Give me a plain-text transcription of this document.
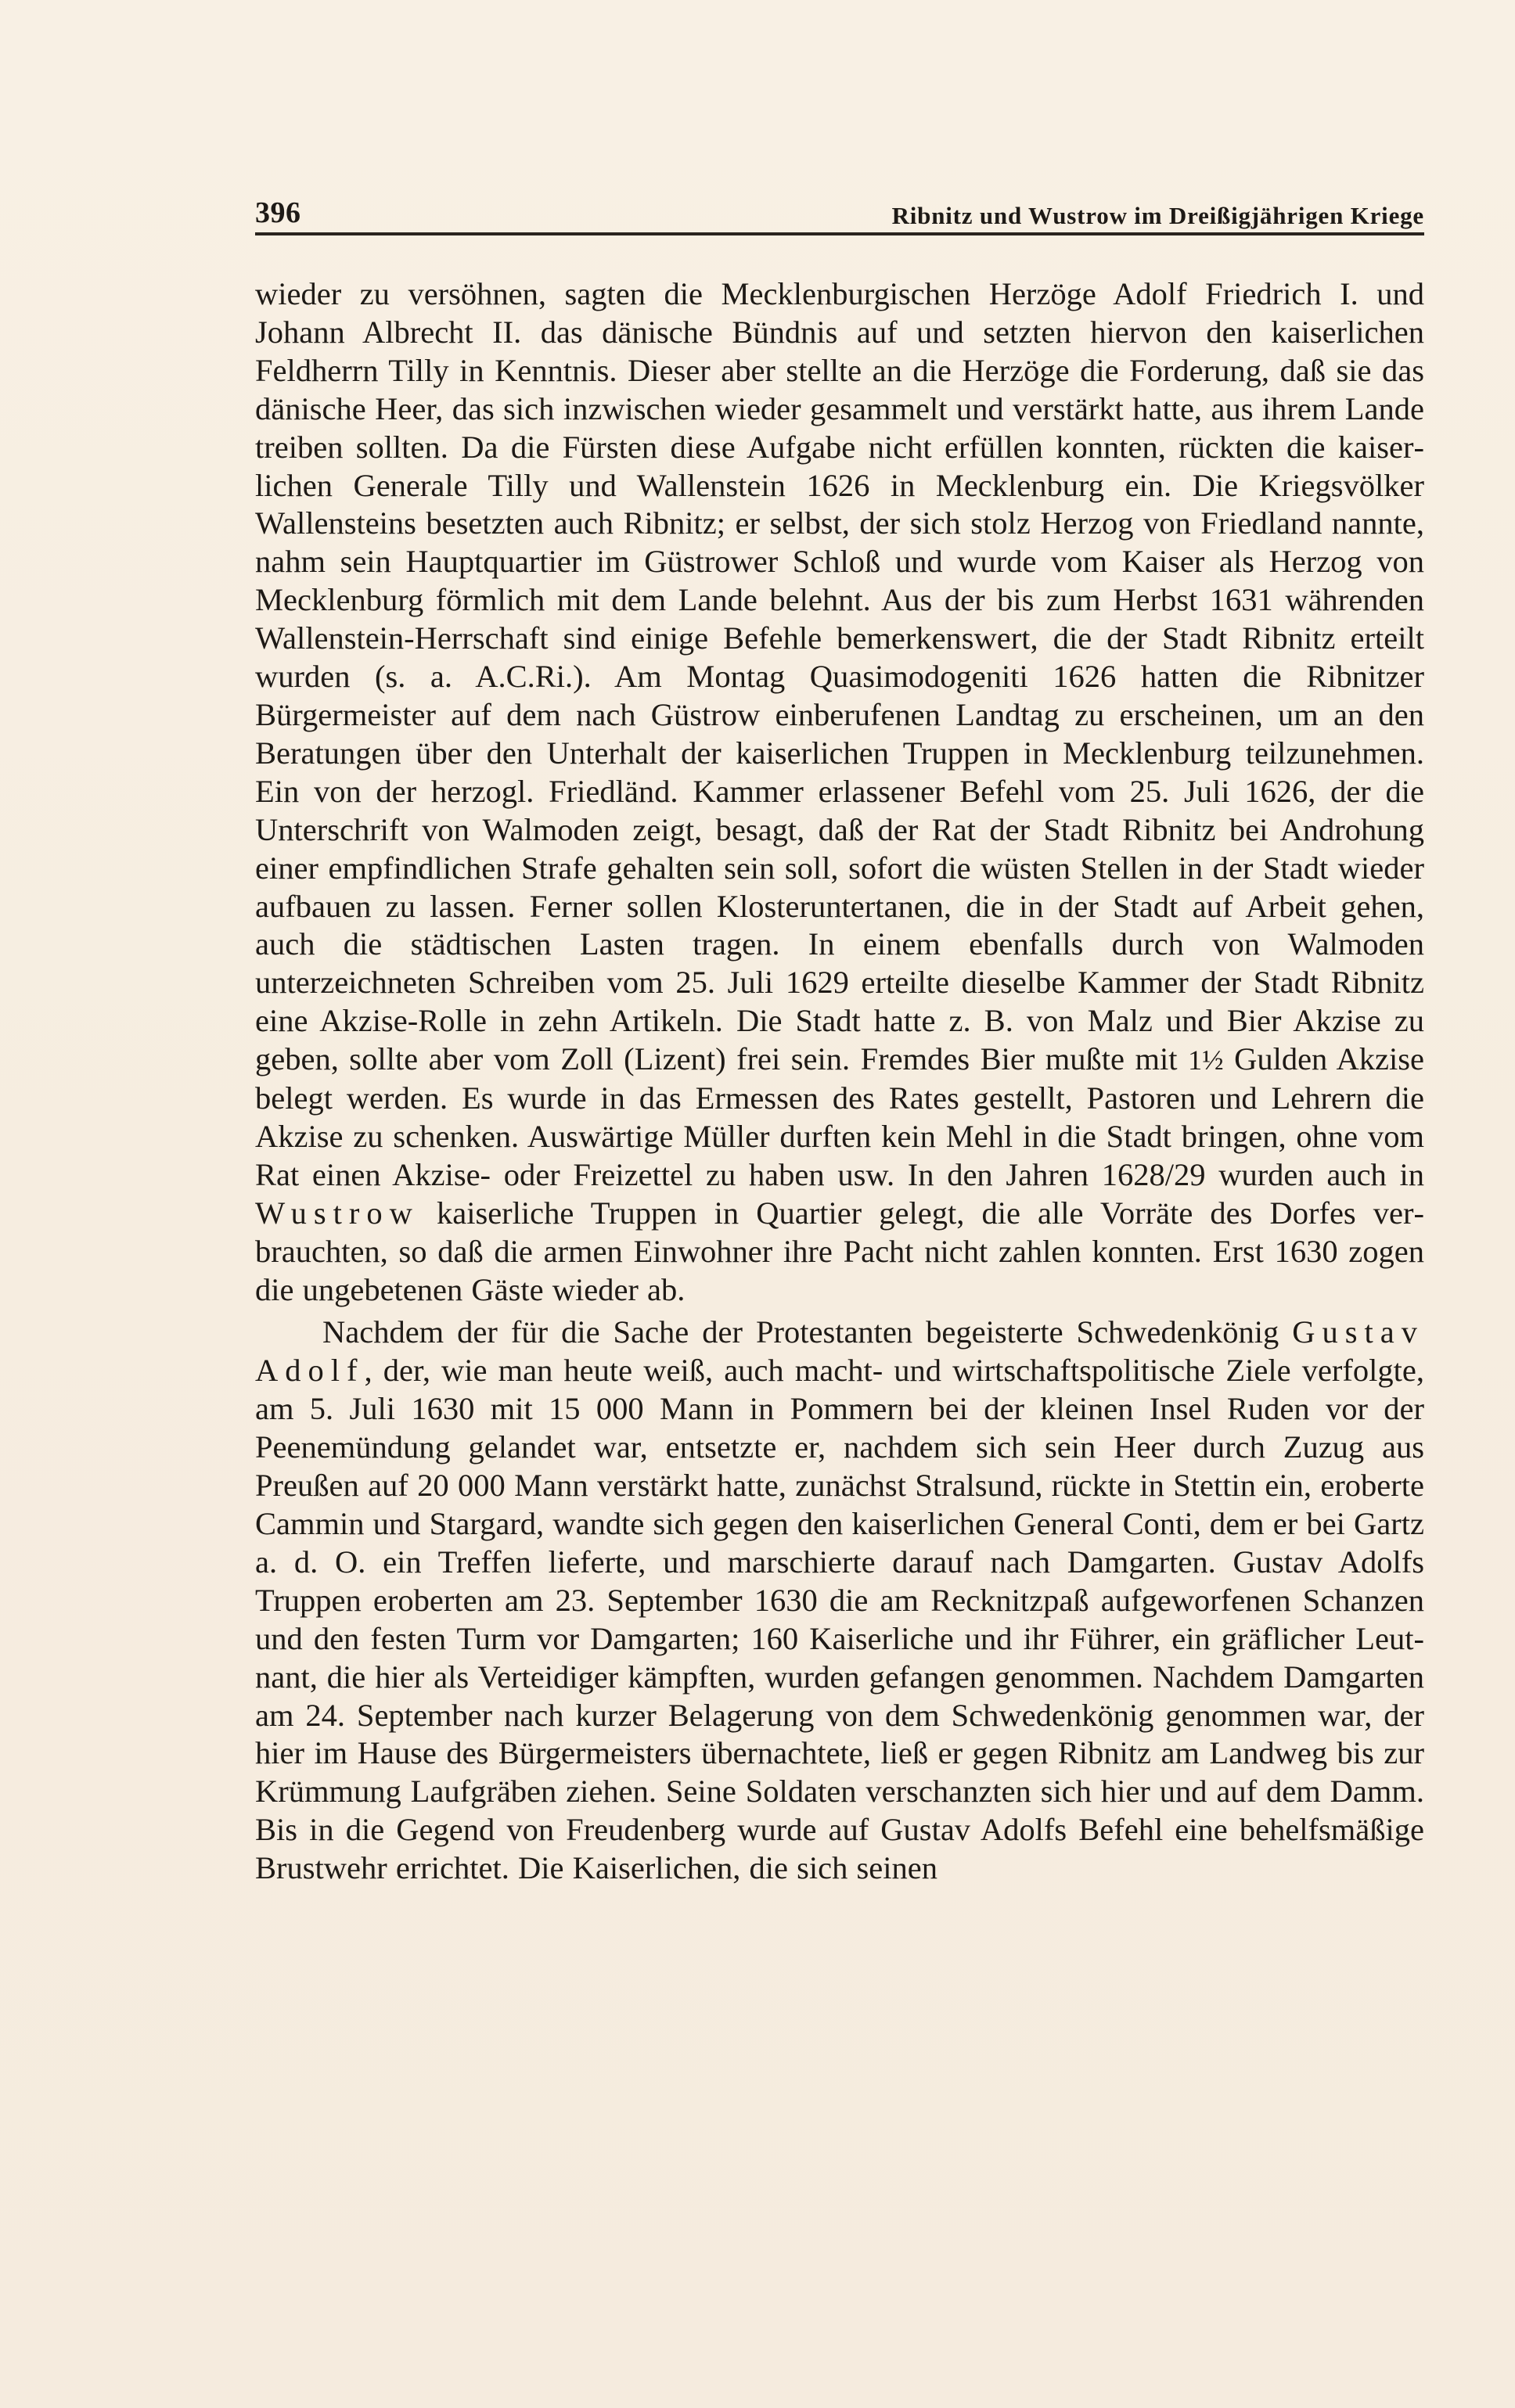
396	Ribnitz und Wustrow im Dreißigjährigen Kriege

wieder zu versöhnen, sagten die Mecklenburgischen Herzöge Adolf Friedrich I. und Johann Albrecht II. das dänische Bündnis auf und setzten hiervon den kaiserlichen Feldherrn Tilly in Kenntnis. Dieser aber stellte an die Herzöge die Forderung, daß sie das dänische Heer, das sich inzwischen wieder gesammelt und verstärkt hatte, aus ihrem Lande treiben sollten. Da die Fürsten diese Aufgabe nicht erfüllen konnten, rückten die kaiserlichen Generale Tilly und Wallenstein 1626 in Mecklenburg ein. Die Kriegsvölker Wallensteins besetzten auch Ribnitz; er selbst, der sich stolz Herzog von Friedland nannte, nahm sein Hauptquartier im Güstrower Schloß und wurde vom Kaiser als Herzog von Mecklenburg förmlich mit dem Lande belehnt. Aus der bis zum Herbst 1631 währenden Wallenstein-Herrschaft sind einige Befehle bemerkenswert, die der Stadt Ribnitz erteilt wurden (s. a. A.C.Ri.). Am Montag Quasimodogeniti 1626 hatten die Ribnitzer Bürgermeister auf dem nach Güstrow einberufenen Landtag zu erscheinen, um an den Beratungen über den Unterhalt der kaiserlichen Truppen in Mecklenburg teilzunehmen. Ein von der herzogl. Friedländ. Kammer erlassener Befehl vom 25. Juli 1626, der die Unterschrift von Walmoden zeigt, besagt, daß der Rat der Stadt Ribnitz bei Androhung einer empfindlichen Strafe gehalten sein soll, sofort die wüsten Stellen in der Stadt wieder aufbauen zu lassen. Ferner sollen Klosteruntertanen, die in der Stadt auf Arbeit gehen, auch die städtischen Lasten tragen. In einem ebenfalls durch von Walmoden unterzeichneten Schreiben vom 25. Juli 1629 erteilte dieselbe Kammer der Stadt Ribnitz eine Akzise-Rolle in zehn Artikeln. Die Stadt hatte z. B. von Malz und Bier Akzise zu geben, sollte aber vom Zoll (Lizent) frei sein. Fremdes Bier mußte mit 1½ Gulden Akzise belegt werden. Es wurde in das Ermessen des Rates gestellt, Pastoren und Lehrern die Akzise zu schenken. Auswärtige Müller durften kein Mehl in die Stadt bringen, ohne vom Rat einen Akzise- oder Freizettel zu haben usw. In den Jahren 1628/29 wurden auch in Wustrow kaiserliche Truppen in Quartier gelegt, die alle Vorräte des Dorfes verbrauchten, so daß die armen Einwohner ihre Pacht nicht zahlen konnten. Erst 1630 zogen die ungebetenen Gäste wieder ab.

Nachdem der für die Sache der Protestanten begeisterte Schwedenkönig Gustav Adolf, der, wie man heute weiß, auch macht- und wirtschaftspolitische Ziele verfolgte, am 5. Juli 1630 mit 15 000 Mann in Pommern bei der kleinen Insel Ruden vor der Peenemündung gelandet war, entsetzte er, nachdem sich sein Heer durch Zuzug aus Preußen auf 20 000 Mann verstärkt hatte, zunächst Stralsund, rückte in Stettin ein, eroberte Cammin und Stargard, wandte sich gegen den kaiserlichen General Conti, dem er bei Gartz a. d. O. ein Treffen lieferte, und marschierte darauf nach Damgarten. Gustav Adolfs Truppen eroberten am 23. September 1630 die am Recknitzpaß aufgeworfenen Schanzen und den festen Turm vor Damgarten; 160 Kaiserliche und ihr Führer, ein gräflicher Leutnant, die hier als Verteidiger kämpften, wurden gefangen genommen. Nachdem Damgarten am 24. September nach kurzer Belagerung von dem Schwedenkönig genommen war, der hier im Hause des Bürgermeisters übernachtete, ließ er gegen Ribnitz am Landweg bis zur Krümmung Laufgräben ziehen. Seine Soldaten verschanzten sich hier und auf dem Damm. Bis in die Gegend von Freudenberg wurde auf Gustav Adolfs Befehl eine behelfsmäßige Brustwehr errichtet. Die Kaiserlichen, die sich seinen
